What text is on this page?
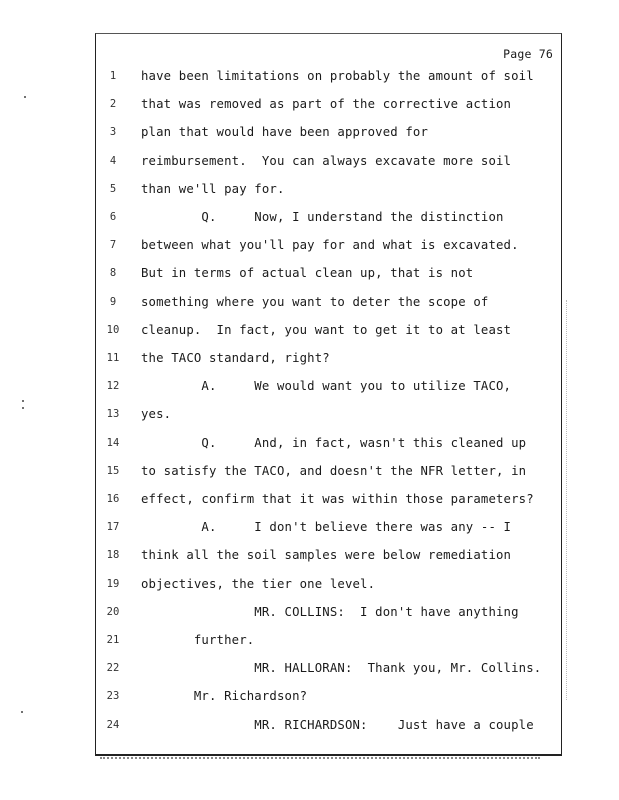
Page 76
1	have been limitations on probably the amount of soil
2	that was removed as part of the corrective action
3	plan that would have been approved for
4	reimbursement.  You can always excavate more soil
5	than we'll pay for.
6	Q.     Now, I understand the distinction
7	between what you'll pay for and what is excavated.
8	But in terms of actual clean up, that is not
9	something where you want to deter the scope of
10 cleanup.  In fact, you want to get it to at least
11 the TACO standard, right?
12 A.     We would want you to utilize TACO,
13 yes.
14 Q.     And, in fact, wasn't this cleaned up
15 to satisfy the TACO, and doesn't the NFR letter, in
16 effect, confirm that it was within those parameters?
17 A.     I don't believe there was any -- I
18 think all the soil samples were below remediation
19 objectives, the tier one level.
20 MR. COLLINS:  I don't have anything
21 further.
22 MR. HALLORAN:  Thank you, Mr. Collins.
23 Mr. Richardson?
24 MR. RICHARDSON:    Just have a couple
